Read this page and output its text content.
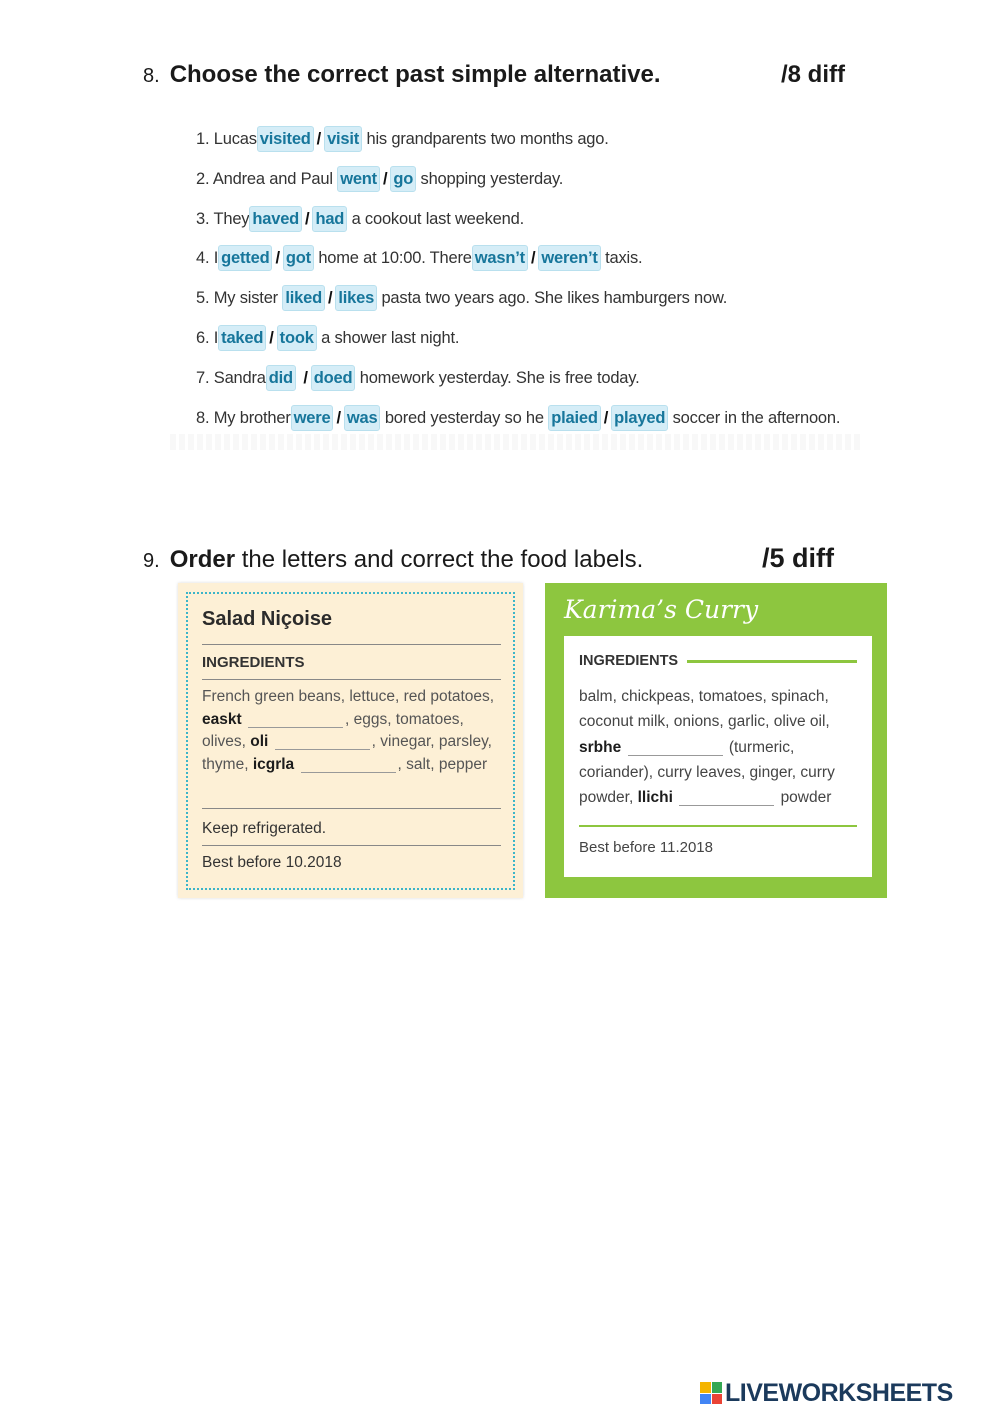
8. Choose the correct past simple alternative.	/8 diff
1. Lucas visited / visit his grandparents two months ago.
2. Andrea and Paul went / go shopping yesterday.
3. They haved / had a cookout last weekend.
4. I getted / got home at 10:00. There wasn’t / weren’t taxis.
5. My sister liked / likes pasta two years ago. She likes hamburgers now.
6. I taked / took a shower last night.
7. Sandra did / doed homework yesterday. She is free today.
8. My brother were / was bored yesterday so he plaied / played soccer in the afternoon.
9. Order the letters and correct the food labels.	/5 diff
Salad Niçoise
INGREDIENTS
French green beans, lettuce, red potatoes, easkt	, eggs, tomatoes, olives, oli	, vinegar, parsley, thyme, icgrla	, salt, pepper
Keep refrigerated.
Best before 10.2018
Karima’s Curry
INGREDIENTS
balm, chickpeas, tomatoes, spinach, coconut milk, onions, garlic, olive oil, srbhe	(turmeric, coriander), curry leaves, ginger, curry powder, llichi	powder
Best before 11.2018
LIVEWORKSHEETS
